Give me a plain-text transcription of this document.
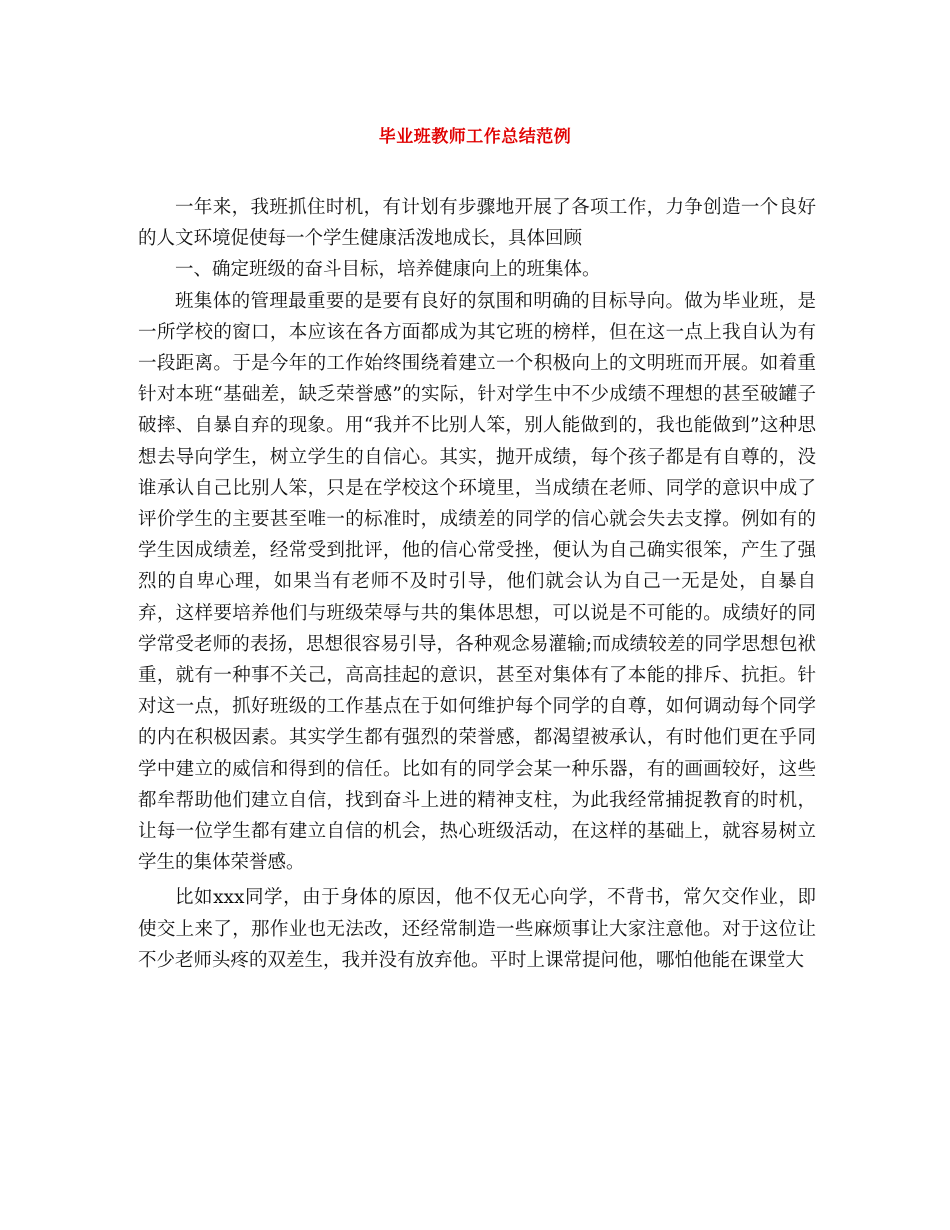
毕业班教师工作总结范例

一年来，我班抓住时机，有计划有步骤地开展了各项工作，力争创造一个良好的人文环境促使每一个学生健康活泼地成长，具体回顾

一、确定班级的奋斗目标，培养健康向上的班集体。

班集体的管理最重要的是要有良好的氛围和明确的目标导向。做为毕业班，是一所学校的窗口，本应该在各方面都成为其它班的榜样，但在这一点上我自认为有一段距离。于是今年的工作始终围绕着建立一个积极向上的文明班而开展。如着重针对本班“基础差，缺乏荣誉感”的实际，针对学生中不少成绩不理想的甚至破罐子破摔、自暴自弃的现象。用“我并不比别人笨，别人能做到的，我也能做到”这种思想去导向学生，树立学生的自信心。其实，抛开成绩，每个孩子都是有自尊的，没谁承认自己比别人笨，只是在学校这个环境里，当成绩在老师、同学的意识中成了评价学生的主要甚至唯一的标准时，成绩差的同学的信心就会失去支撑。例如有的学生因成绩差，经常受到批评，他的信心常受挫，便认为自己确实很笨，产生了强烈的自卑心理，如果当有老师不及时引导，他们就会认为自己一无是处，自暴自弃，这样要培养他们与班级荣辱与共的集体思想，可以说是不可能的。成绩好的同学常受老师的表扬，思想很容易引导，各种观念易灌输;而成绩较差的同学思想包袱重，就有一种事不关己，高高挂起的意识，甚至对集体有了本能的排斥、抗拒。针对这一点，抓好班级的工作基点在于如何维护每个同学的自尊，如何调动每个同学的内在积极因素。其实学生都有强烈的荣誉感，都渴望被承认，有时他们更在乎同学中建立的威信和得到的信任。比如有的同学会某一种乐器，有的画画较好，这些都牟帮助他们建立自信，找到奋斗上进的精神支柱，为此我经常捕捉教育的时机，让每一位学生都有建立自信的机会，热心班级活动，在这样的基础上，就容易树立学生的集体荣誉感。

比如xxx同学，由于身体的原因，他不仅无心向学，不背书，常欠交作业，即使交上来了，那作业也无法改，还经常制造一些麻烦事让大家注意他。对于这位让不少老师头疼的双差生，我并没有放弃他。平时上课常提问他，哪怕他能在课堂大
